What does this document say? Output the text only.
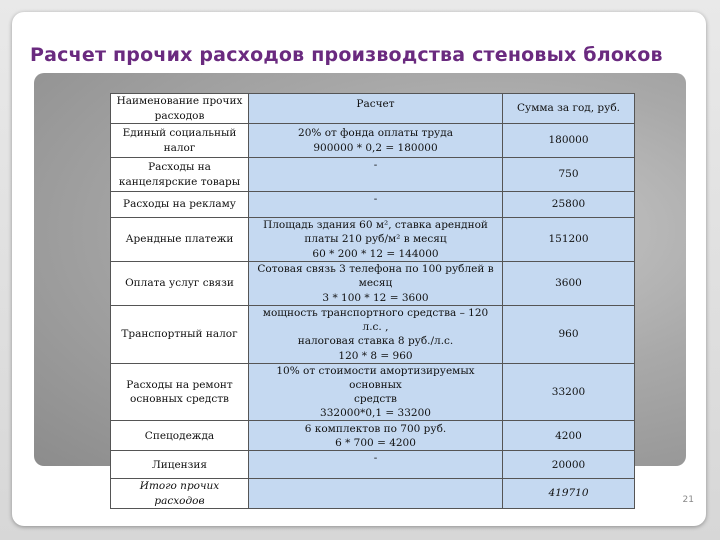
Расчет прочих расходов производства стеновых блоков
Наименование прочих расходов	Расчет	Сумма за год, руб.
Единый социальный налог	20% от фонда оплаты труда
900000 * 0,2 = 180000	180000
Расходы на канцелярские товары	-	750
Расходы на рекламу	-	25800
Арендные платежи	Площадь здания 60 м², ставка арендной
платы 210 руб/м² в месяц
60 * 200 * 12 = 144000	151200
Оплата услуг связи	Сотовая связь 3 телефона по 100 рублей в
месяц
3 * 100 * 12 = 3600	3600
Транспортный налог	мощность транспортного средства – 120 л.с. ,
налоговая ставка 8 руб./л.с.
120 * 8 = 960	960
Расходы на ремонт основных средств	10% от стоимости амортизируемых основных
средств
332000*0,1 = 33200	33200
Спецодежда	6 комплектов по 700 руб.
6 * 700 = 4200	4200
Лицензия	-	20000
Итого прочих расходов		419710
21
